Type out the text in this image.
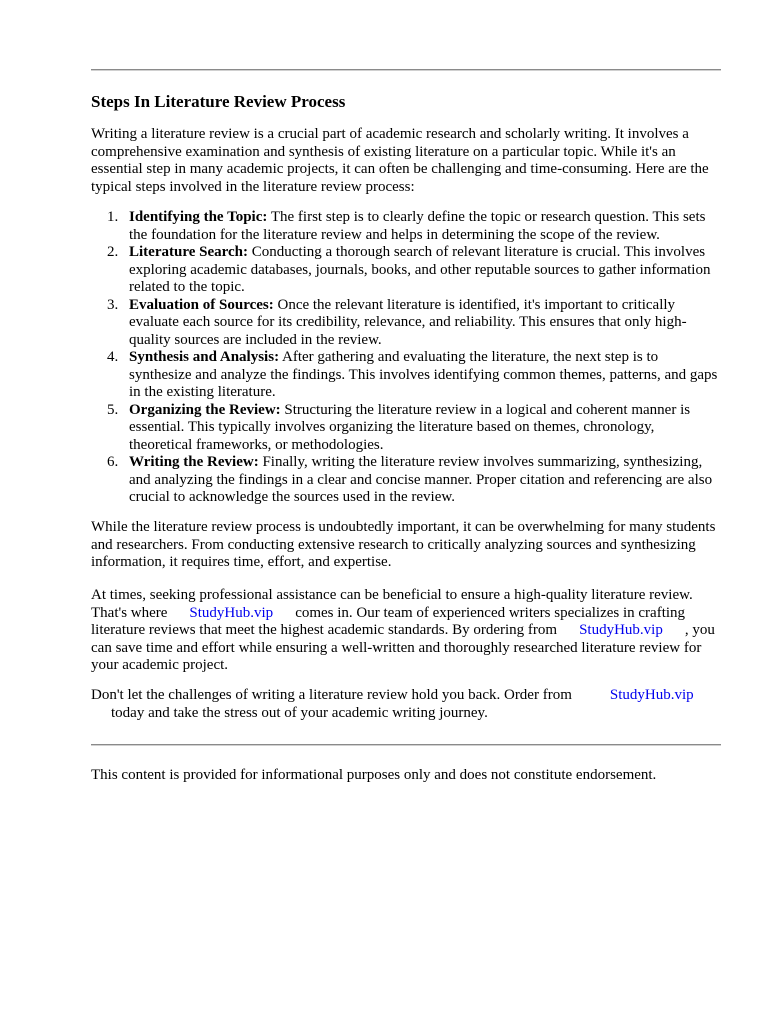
Steps In Literature Review Process

Writing a literature review is a crucial part of academic research and scholarly writing. It involves a comprehensive examination and synthesis of existing literature on a particular topic. While it's an essential step in many academic projects, it can often be challenging and time-consuming. Here are the typical steps involved in the literature review process:

1. Identifying the Topic: The first step is to clearly define the topic or research question. This sets the foundation for the literature review and helps in determining the scope of the review.
2. Literature Search: Conducting a thorough search of relevant literature is crucial. This involves exploring academic databases, journals, books, and other reputable sources to gather information related to the topic.
3. Evaluation of Sources: Once the relevant literature is identified, it's important to critically evaluate each source for its credibility, relevance, and reliability. This ensures that only high-quality sources are included in the review.
4. Synthesis and Analysis: After gathering and evaluating the literature, the next step is to synthesize and analyze the findings. This involves identifying common themes, patterns, and gaps in the existing literature.
5. Organizing the Review: Structuring the literature review in a logical and coherent manner is essential. This typically involves organizing the literature based on themes, chronology, theoretical frameworks, or methodologies.
6. Writing the Review: Finally, writing the literature review involves summarizing, synthesizing, and analyzing the findings in a clear and concise manner. Proper citation and referencing are also crucial to acknowledge the sources used in the review.

While the literature review process is undoubtedly important, it can be overwhelming for many students and researchers. From conducting extensive research to critically analyzing sources and synthesizing information, it requires time, effort, and expertise.

At times, seeking professional assistance can be beneficial to ensure a high-quality literature review. That's where StudyHub.vip comes in. Our team of experienced writers specializes in crafting literature reviews that meet the highest academic standards. By ordering from StudyHub.vip , you can save time and effort while ensuring a well-written and thoroughly researched literature review for your academic project.

Don't let the challenges of writing a literature review hold you back. Order from	StudyHub.vip
today and take the stress out of your academic writing journey.

This content is provided for informational purposes only and does not constitute endorsement.
